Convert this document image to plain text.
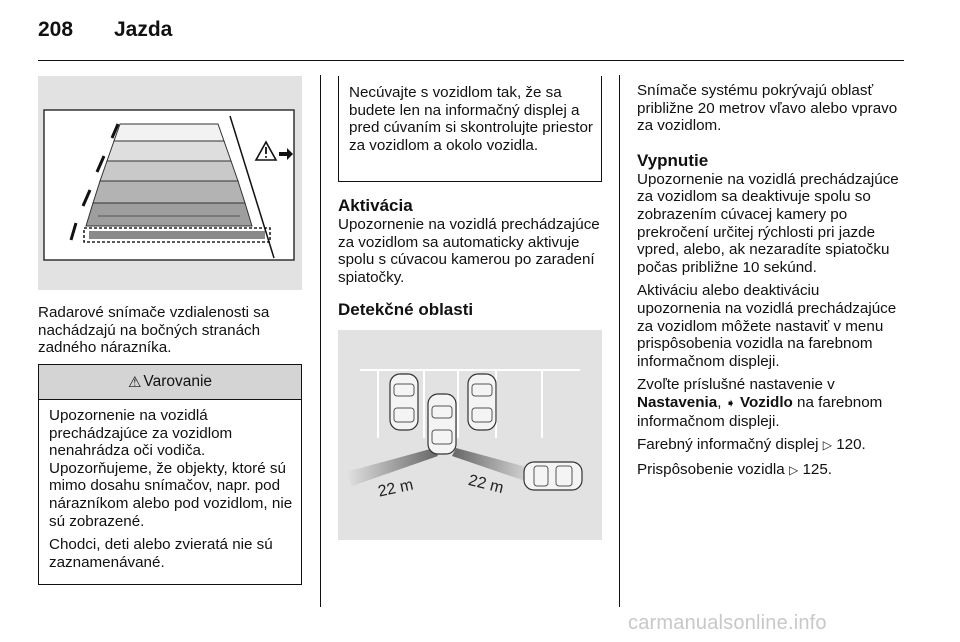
208 Jazda

Radarové snímače vzdialenosti sa nachádzajú na bočných stranách zadného nárazníka.

⚠ Varovanie

Upozornenie na vozidlá prechádzajúce za vozidlom nenahrádza oči vodiča. Upozorňujeme, že objekty, ktoré sú mimo dosahu snímačov, napr. pod nárazníkom alebo pod vozidlom, nie sú zobrazené.

Chodci, deti alebo zvieratá nie sú zaznamenávané.

Necúvajte s vozidlom tak, že sa budete len na informačný displej a pred cúvaním si skontrolujte priestor za vozidlom a okolo vozidla.

Aktivácia

Upozornenie na vozidlá prechádzajúce za vozidlom sa automaticky aktivuje spolu s cúvacou kamerou po zaradení spiatočky.

Detekčné oblasti
22 m	22 m

Snímače systému pokrývajú oblasť približne 20 metrov vľavo alebo vpravo za vozidlom.

Vypnutie

Upozornenie na vozidlá prechádzajúce za vozidlom sa deaktivuje spolu so zobrazením cúvacej kamery po prekročení určitej rýchlosti pri jazde vpred, alebo, ak nezaradíte spiatočku počas približne 10 sekúnd.

Aktiváciu alebo deaktiváciu upozornenia na vozidlá prechádzajúce za vozidlom môžete nastaviť v menu prispôsobenia vozidla na farebnom informačnom displeji.

Zvoľte príslušné nastavenie v
Nastavenia, ➧ Vozidlo na farebnom informačnom displeji.

Farebný informačný displej ▷ 120.

Prispôsobenie vozidla ▷ 125.

carmanualsonline.info
